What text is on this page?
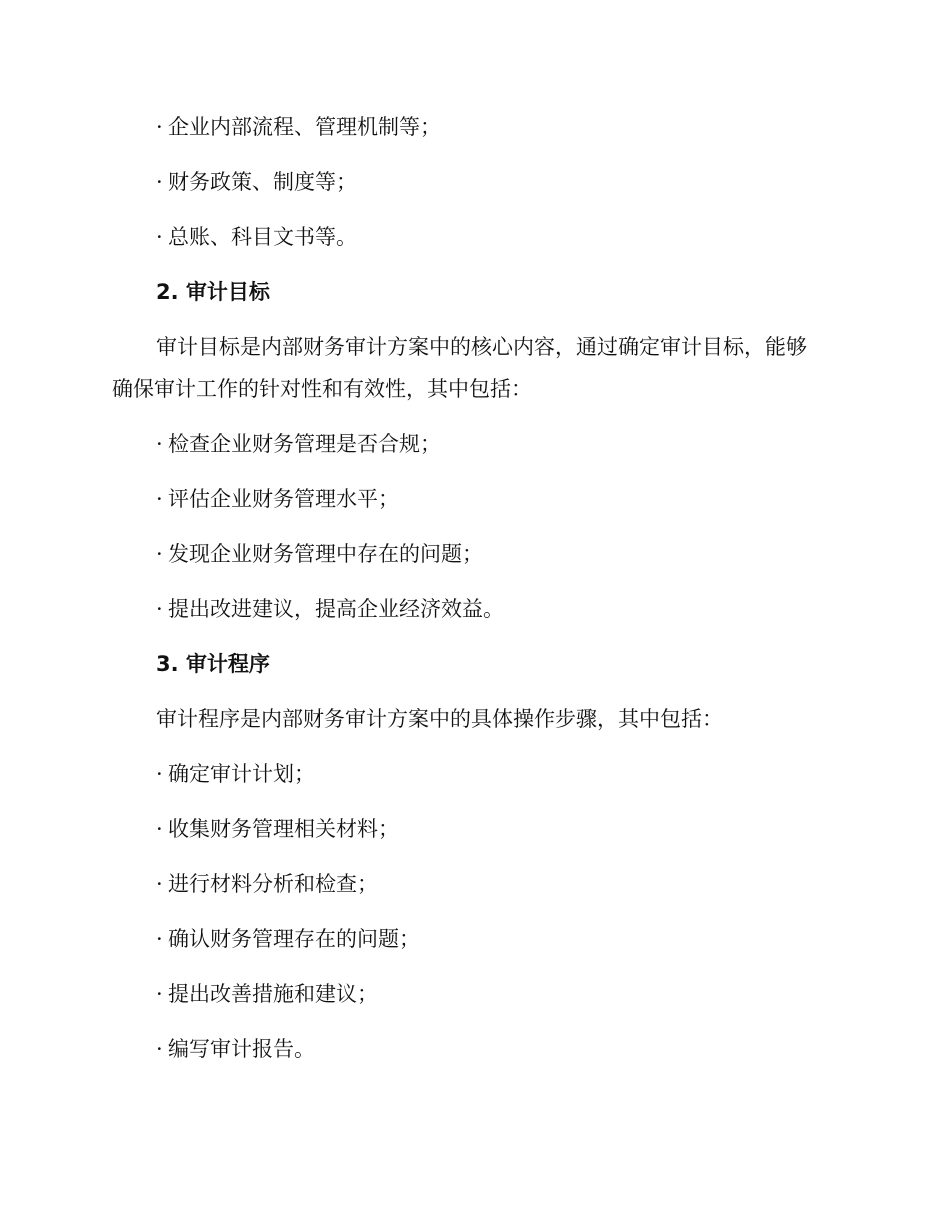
· 企业内部流程、管理机制等；
· 财务政策、制度等；
· 总账、科目文书等。
2. 审计目标
审计目标是内部财务审计方案中的核心内容，通过确定审计目标，能够
确保审计工作的针对性和有效性，其中包括：
· 检查企业财务管理是否合规；
· 评估企业财务管理水平；
· 发现企业财务管理中存在的问题；
· 提出改进建议，提高企业经济效益。
3. 审计程序
审计程序是内部财务审计方案中的具体操作步骤，其中包括：
· 确定审计计划；
· 收集财务管理相关材料；
· 进行材料分析和检查；
· 确认财务管理存在的问题；
· 提出改善措施和建议；
· 编写审计报告。
